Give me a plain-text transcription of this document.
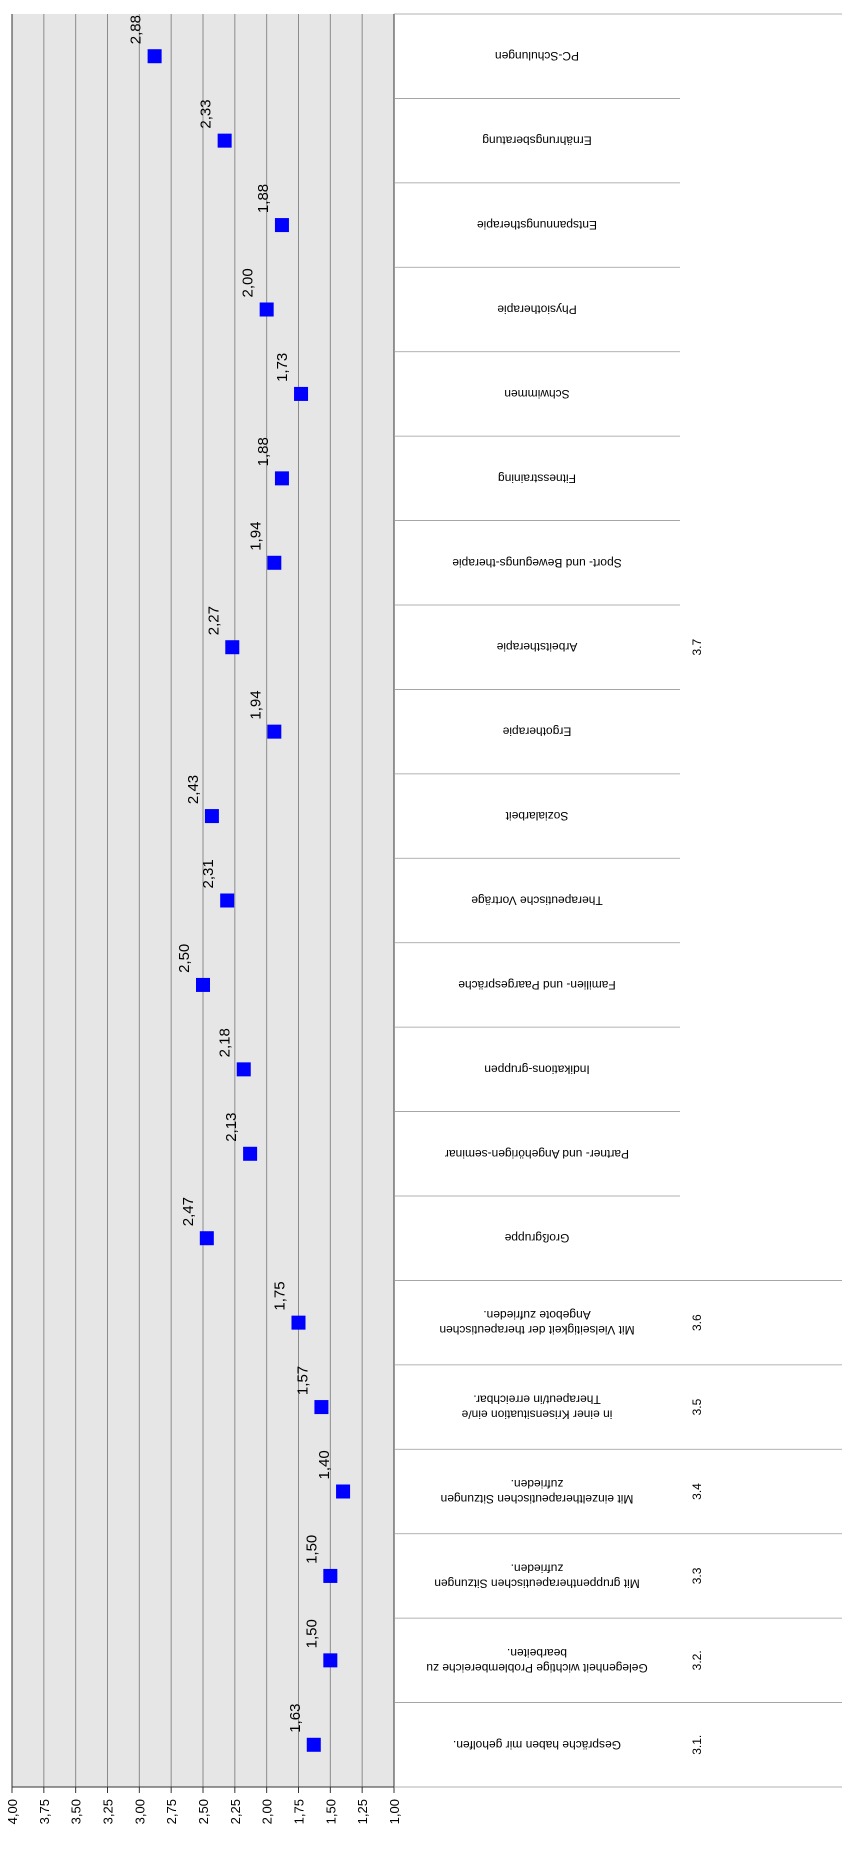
1,00
1,25
1,50
1,75
2,00
2,25
2,50
2,75
3,00
3,25
3,50
3,75
4,00
Gespräche haben mir geholfen.
Gelegenheit wichtige Problembereiche zubearbeiten.
Mit gruppentherapeutischen Sitzungenzufrieden.
Mit einzeltherapeutischen Sitzungenzufrieden.
in einer Krisensituation ein/eTherapeut/in erreichbar.
Mit Vielseitigkeit der therapeutischenAngebote zufrieden.
Großgruppe
Partner- und Angehörigen-seminar
Indikations-gruppen
Familien- und Paargespräche
Therapeutische Vorträge
Sozialarbeit
Ergotherapie
Arbeitstherapie
Sport- und Bewegungs-therapie
Fitnesstraining
Schwimmen
Physiotherapie
Entspannungstherapie
Ernährungsberatung
PC-Schulungen
3.1.
3.2.
3.3
3.4
3.5
3.6
3.7
1,63
1,50
1,50
1,40
1,57
1,75
2,47
2,13
2,18
2,50
2,31
2,43
1,94
2,27
1,94
1,88
1,73
2,00
1,88
2,33
2,88
